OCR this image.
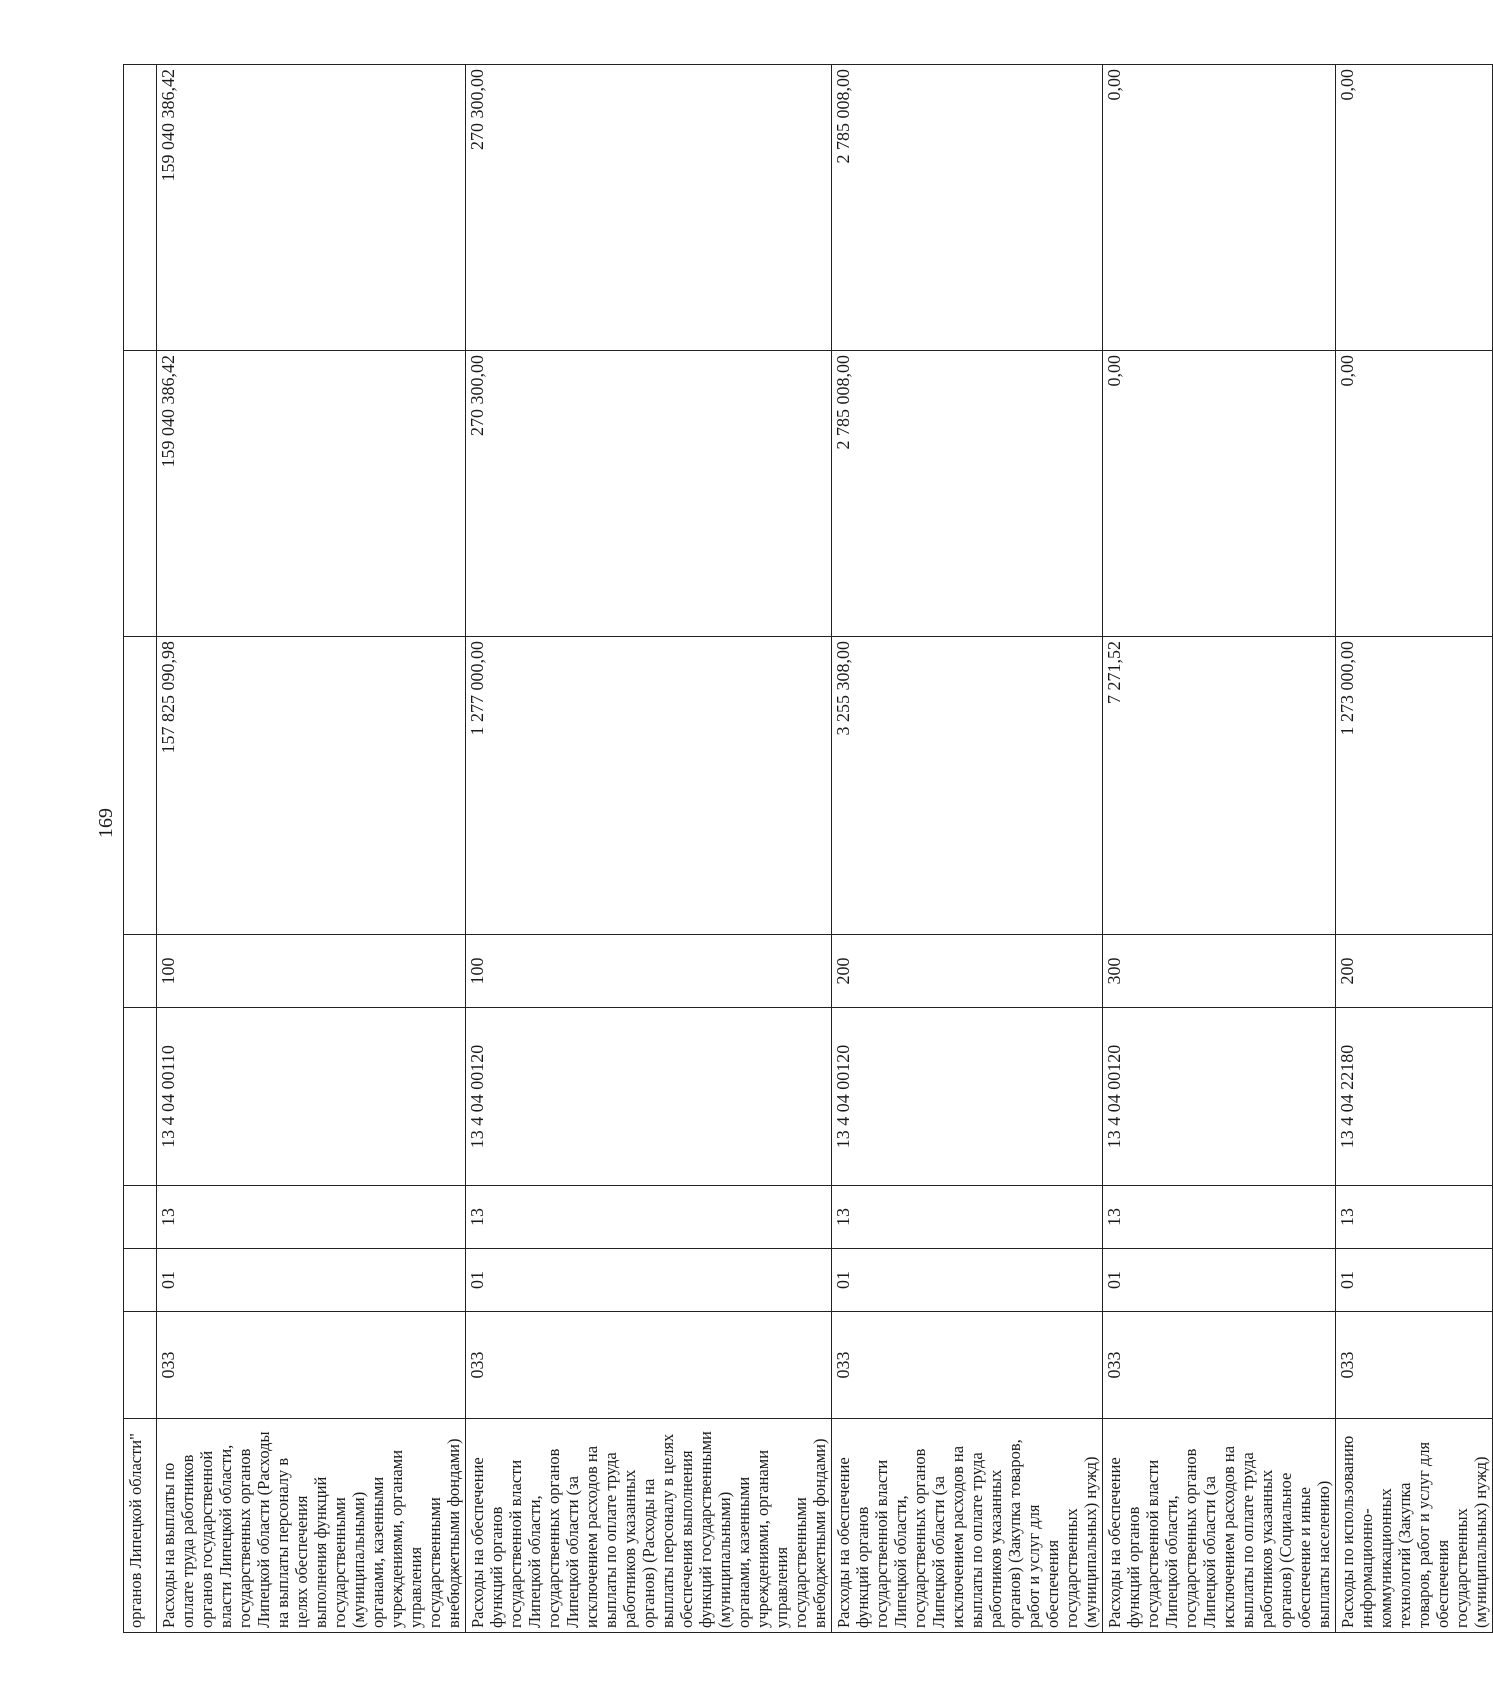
169
органов Липецкой области"								
Расходы на выплаты по оплате труда работников органов государственной власти Липецкой области, государственных органов Липецкой области (Расходы на выплаты персоналу в целях обеспечения выполнения функций государственными (муниципальными) органами, казенными учреждениями, органами управления государственными внебюджетными фондами)	033	01	13	13 4 04 00110	100	157 825 090,98	159 040 386,42	159 040 386,42
Расходы на обеспечение функций органов государственной власти Липецкой области, государственных органов Липецкой области (за исключением расходов на выплаты по оплате труда работников указанных органов) (Расходы на выплаты персоналу в целях обеспечения выполнения функций государственными (муниципальными) органами, казенными учреждениями, органами управления государственными внебюджетными фондами)	033	01	13	13 4 04 00120	100	1 277 000,00	270 300,00	270 300,00
Расходы на обеспечение функций органов государственной власти Липецкой области, государственных органов Липецкой области (за исключением расходов на выплаты по оплате труда работников указанных органов) (Закупка товаров, работ и услуг для обеспечения государственных (муниципальных) нужд)	033	01	13	13 4 04 00120	200	3 255 308,00	2 785 008,00	2 785 008,00
Расходы на обеспечение функций органов государственной власти Липецкой области, государственных органов Липецкой области (за исключением расходов на выплаты по оплате труда работников указанных органов) (Социальное обеспечение и иные выплаты населению)	033	01	13	13 4 04 00120	300	7 271,52	0,00	0,00
Расходы по использованию информационно-коммуникационных технологий (Закупка товаров, работ и услуг для обеспечения государственных (муниципальных) нужд)	033	01	13	13 4 04 22180	200	1 273 000,00	0,00	0,00
